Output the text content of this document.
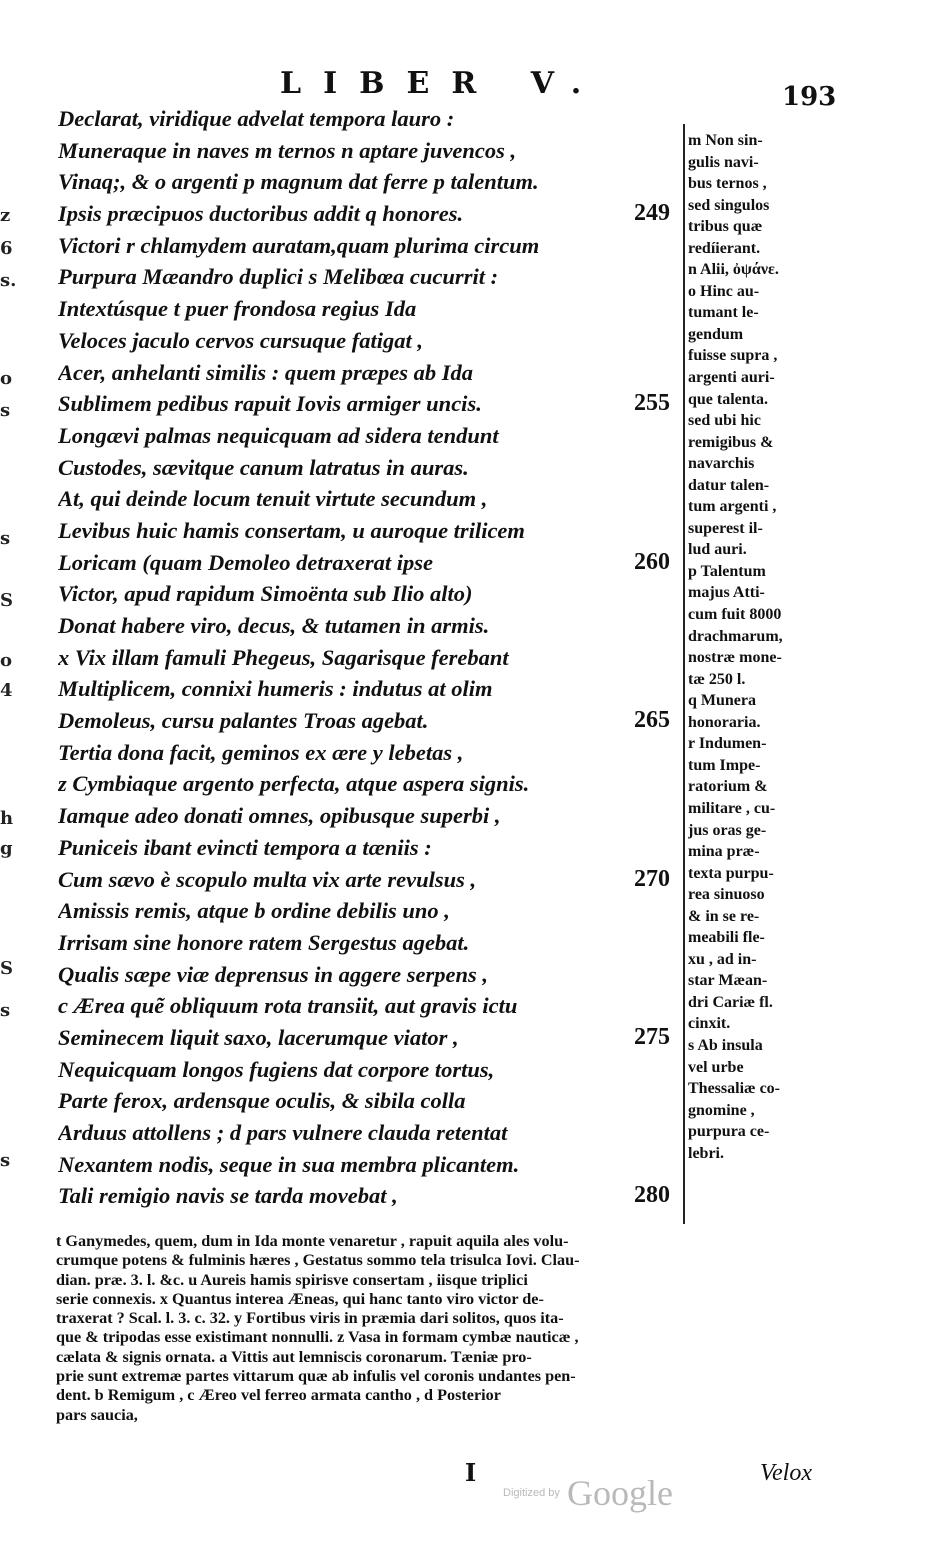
LIBER V.	193
Declarat, viridique advelat tempora lauro :
Muneraque in naves m ternos n aptare juvencos ,
Vinaq;, & o argenti p magnum dat ferre p talentum.
Ipsis præcipuos ductoribus addit q honores.	249
Victori r chlamydem auratam,quam plurima circum
Purpura Mæandro duplici s Melibœa cucurrit :
Intextúsque t puer frondosa regius Ida
Veloces jaculo cervos cursuque fatigat ,
Acer, anhelanti similis : quem præpes ab Ida
Sublimem pedibus rapuit Iovis armiger uncis.	255
Longævi palmas nequicquam ad sidera tendunt
Custodes, sævitque canum latratus in auras.
At, qui deinde locum tenuit virtute secundum ,
Levibus huic hamis consertam, u auroque trilicem
Loricam (quam Demoleo detraxerat ipse	260
Victor, apud rapidum Simoënta sub Ilio alto)
Donat habere viro, decus, & tutamen in armis.
x Vix illam famuli Phegeus, Sagarisque ferebant
Multiplicem, connixi humeris : indutus at olim
Demoleus, cursu palantes Troas agebat.	265
Tertia dona facit, geminos ex ære y lebetas ,
z Cymbiaque argento perfecta, atque aspera signis.
Iamque adeo donati omnes, opibusque superbi ,
Puniceis ibant evincti tempora a tæniis :
Cum sævo è scopulo multa vix arte revulsus ,	270
Amissis remis, atque b ordine debilis uno ,
Irrisam sine honore ratem Sergestus agebat.
Qualis sæpe viæ deprensus in aggere serpens ,
c Ærea quẽ obliquum rota transiit, aut gravis ictu
Seminecem liquit saxo, lacerumque viator ,	275
Nequicquam longos fugiens dat corpore tortus,
Parte ferox, ardensque oculis, & sibila colla
Arduus attollens ; d pars vulnere clauda retentat
Nexantem nodis, seque in sua membra plicantem.
Tali remigio navis se tarda movebat ,	280
m Non sin-
gulis navi-
bus ternos ,
sed singulos
tribus quæ
redíierant.
n Alii, ὀψάνε.
o Hinc au-
tumant le-
gendum
fuisse supra ,
argenti auri-
que talenta.
sed ubi hic
remigibus &
navarchis
datur talen-
tum argenti ,
superest il-
lud auri.
p Talentum
majus Atti-
cum fuit 8000
drachmarum,
nostræ mone-
tæ 250 l.
q Munera
honoraria.
r Indumen-
tum Impe-
ratorium &
militare , cu-
jus oras ge-
mina præ-
texta purpu-
rea sinuoso
& in se re-
meabili fle-
xu , ad in-
star Mæan-
dri Cariæ fl.
cinxit.
s Ab insula
vel urbe
Thessaliæ co-
gnomine ,
purpura ce-
lebri.
t Ganymedes, quem, dum in Ida monte venaretur , rapuit aquila ales volu-
crumque potens & fulminis hæres , Gestatus sommo tela trisulca Iovi. Clau-
dian. præ. 3. l. &c. u Aureis hamis spirisve consertam , iisque triplici
serie connexis. x Quantus interea Æneas, qui hanc tanto viro victor de-
traxerat ? Scal. l. 3. c. 32. y Fortibus viris in præmia dari solitos, quos ita-
que & tripodas esse existimant nonnulli. z Vasa in formam cymbæ nauticæ ,
cælata & signis ornata. a Vittis aut lemniscis coronarum. Tæniæ pro-
prie sunt extremæ partes vittarum quæ ab infulis vel coronis undantes pen-
dent. b Remigum , c Æreo vel ferreo armata cantho , d Posterior
pars saucia,
I
Digitized by Google	Velox
z
6
s.
o
s
s
S
o
4
h
g
S
s
s
